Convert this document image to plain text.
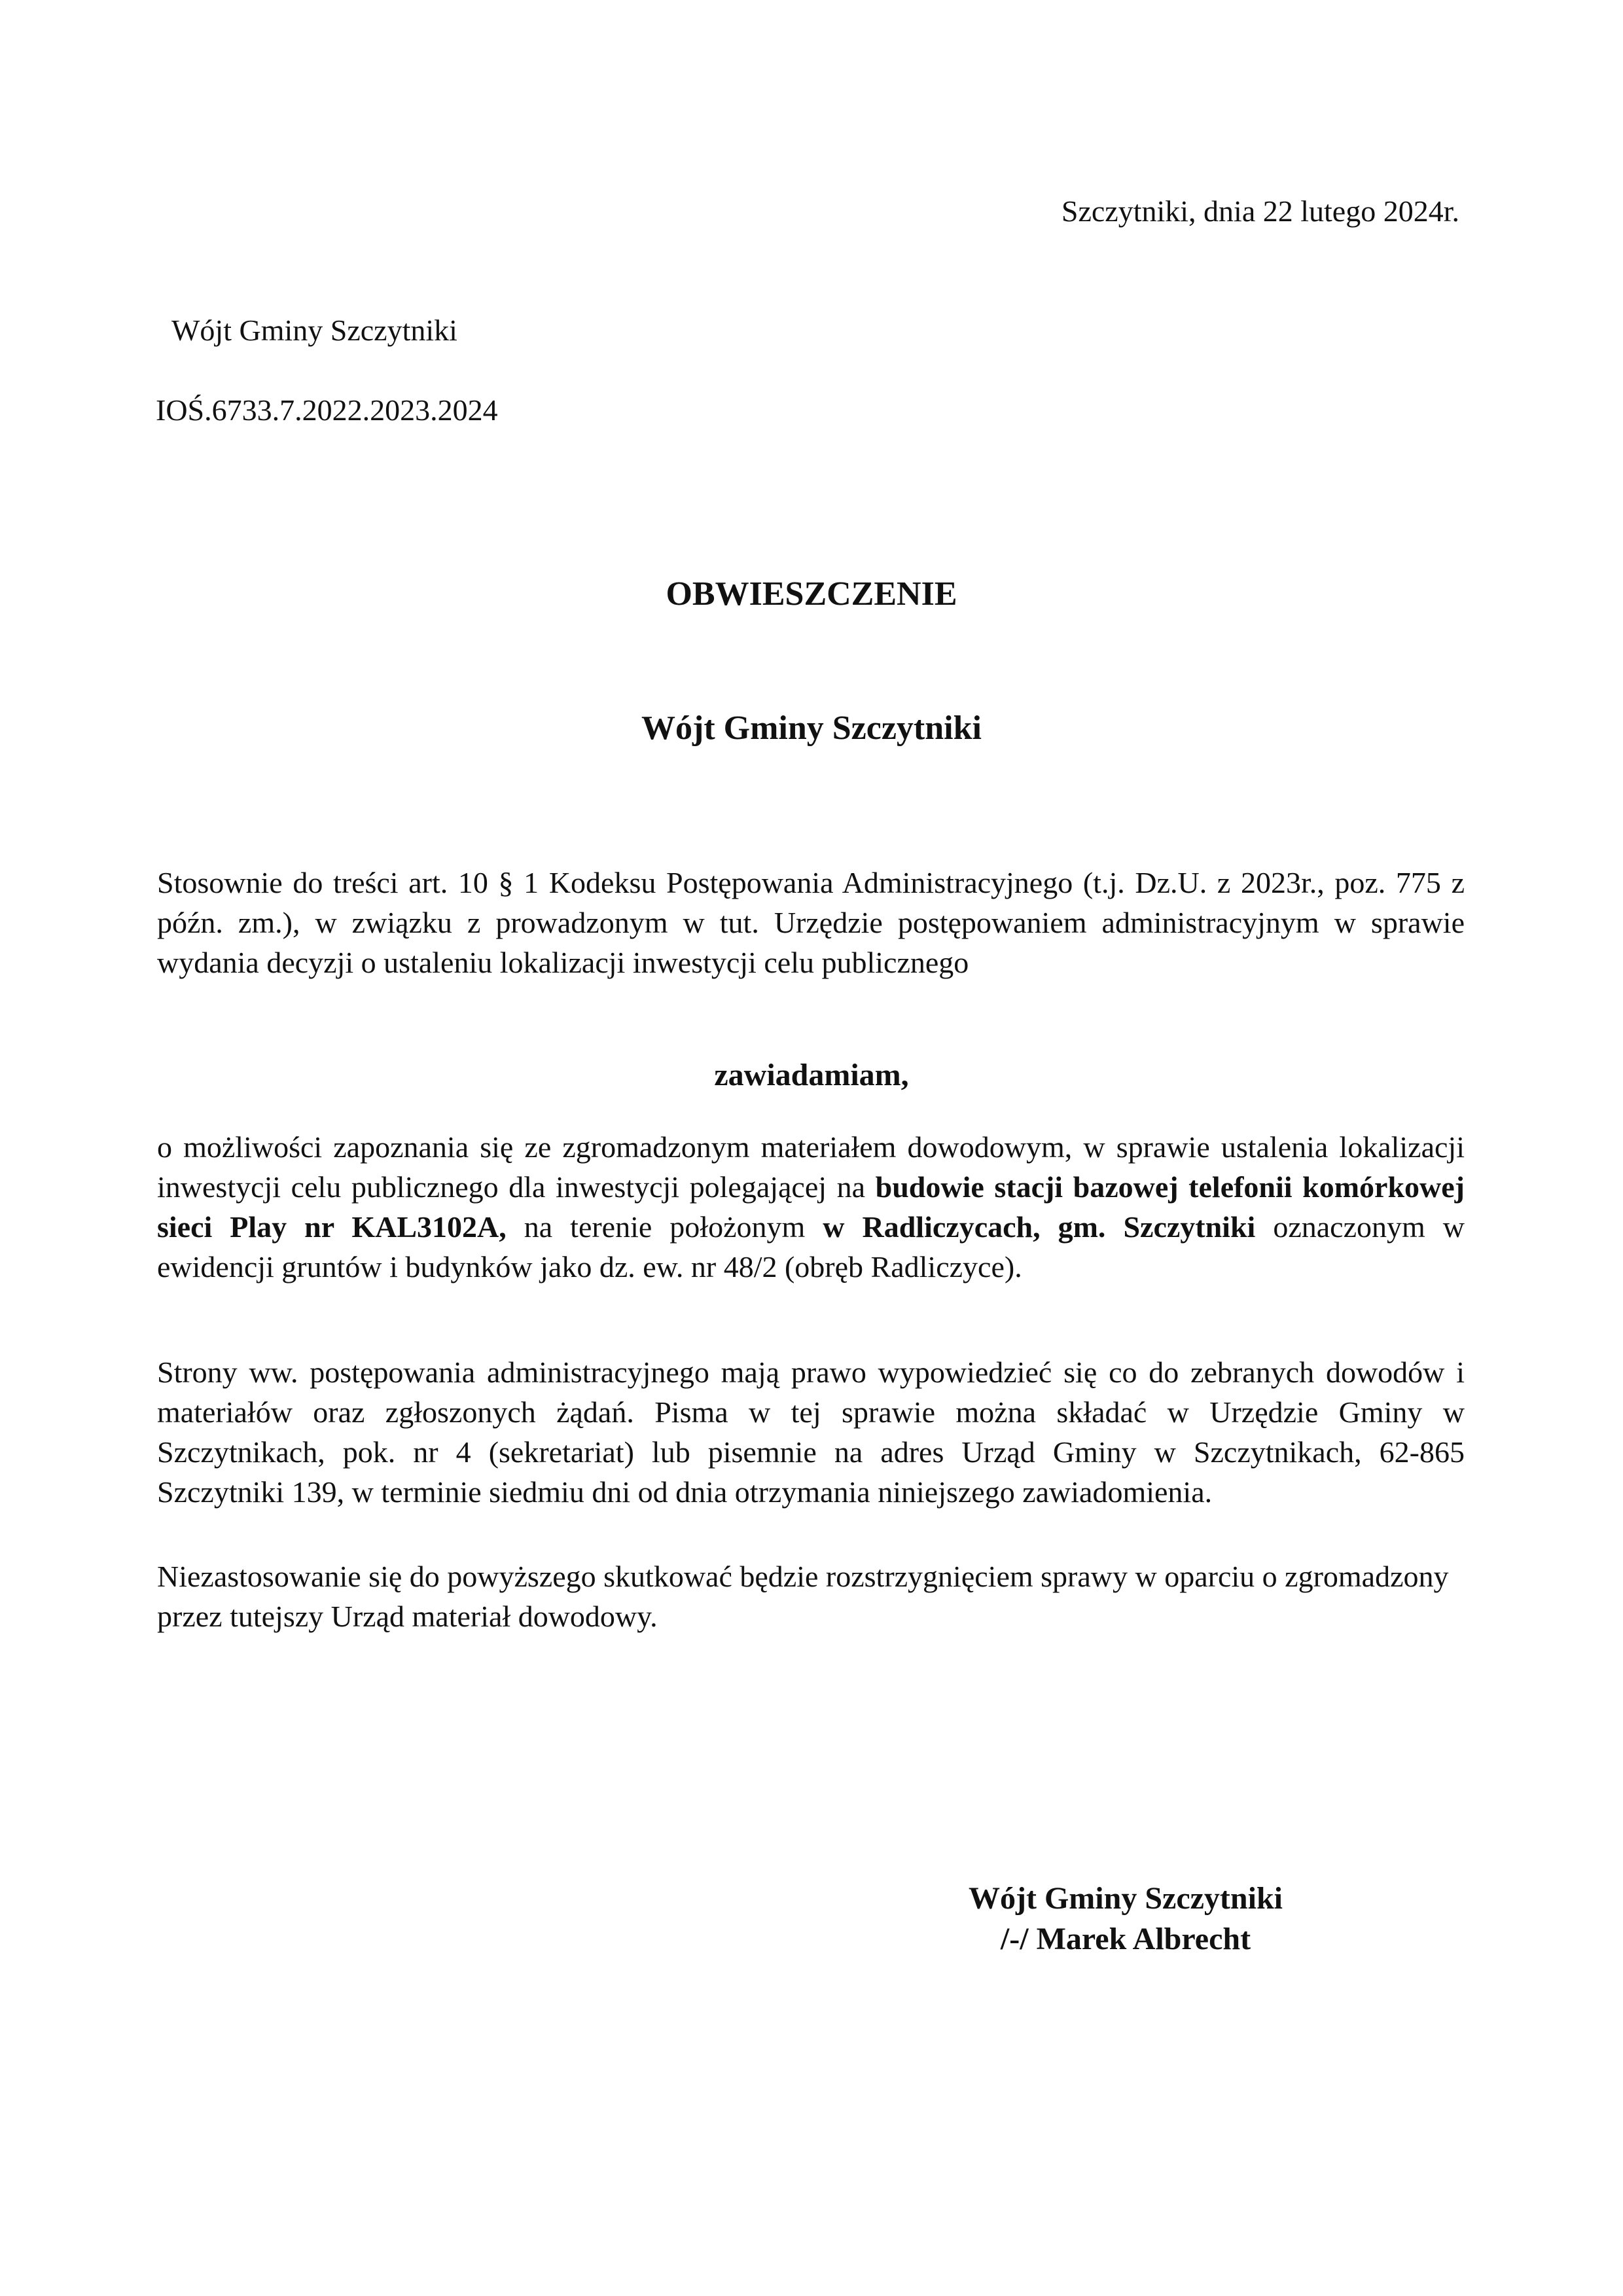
Szczytniki, dnia 22 lutego 2024r.
Wójt Gminy Szczytniki
IOŚ.6733.7.2022.2023.2024
OBWIESZCZENIE
Wójt Gminy Szczytniki
Stosownie do treści art. 10 § 1 Kodeksu Postępowania Administracyjnego (t.j. Dz.U. z 2023r., poz. 775 z późn. zm.), w związku z prowadzonym w tut. Urzędzie postępowaniem administracyjnym w sprawie wydania decyzji o ustaleniu lokalizacji inwestycji celu publicznego
zawiadamiam,
o możliwości zapoznania się ze zgromadzonym materiałem dowodowym, w sprawie ustalenia lokalizacji inwestycji celu publicznego dla inwestycji polegającej na budowie stacji bazowej telefonii komórkowej sieci Play nr KAL3102A, na terenie położonym w Radliczycach, gm. Szczytniki oznaczonym w ewidencji gruntów i budynków jako dz. ew. nr 48/2 (obręb Radliczyce).
Strony ww. postępowania administracyjnego mają prawo wypowiedzieć się co do zebranych dowodów i materiałów oraz zgłoszonych żądań. Pisma w tej sprawie można składać w Urzędzie Gminy w Szczytnikach, pok. nr 4 (sekretariat) lub pisemnie na adres Urząd Gminy w Szczytnikach, 62-865 Szczytniki 139, w terminie siedmiu dni od dnia otrzymania niniejszego zawiadomienia.
Niezastosowanie się do powyższego skutkować będzie rozstrzygnięciem sprawy w oparciu o zgromadzony przez tutejszy Urząd materiał dowodowy.
Wójt Gminy Szczytniki
/-/ Marek Albrecht
